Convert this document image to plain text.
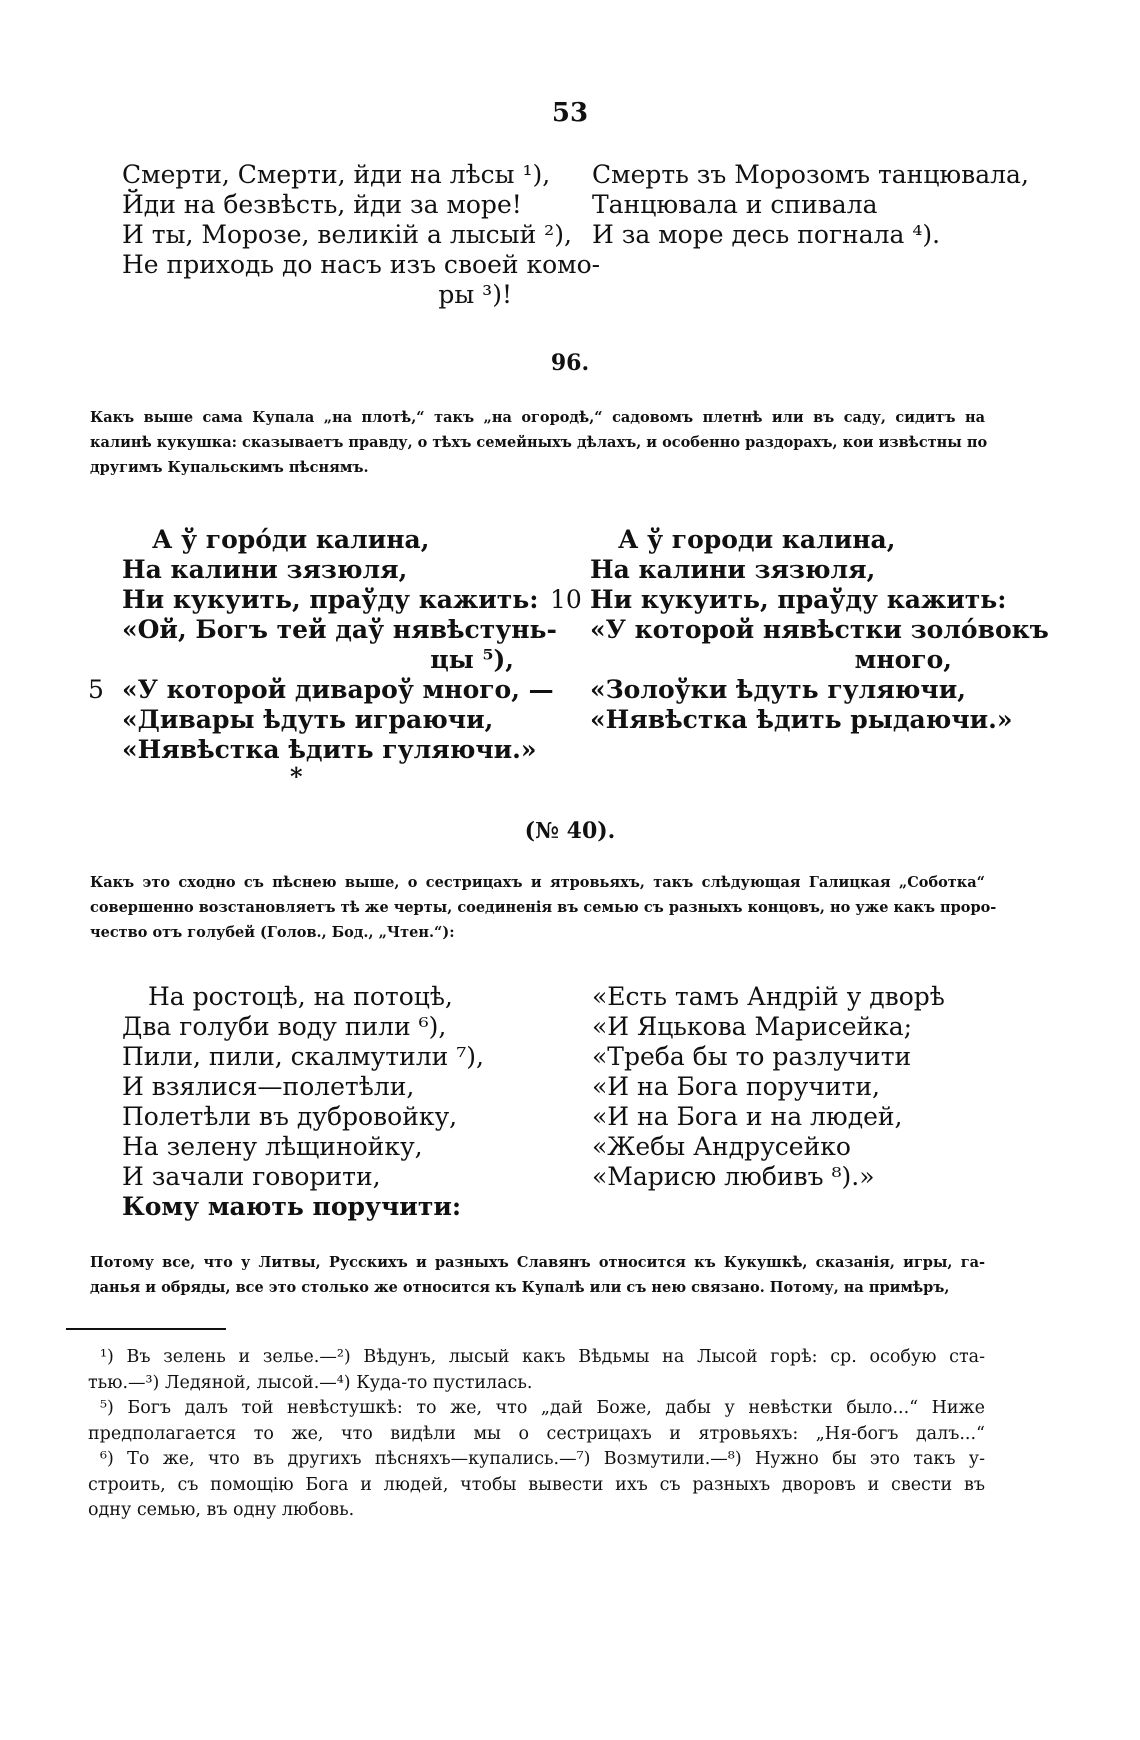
53
Смерти, Смерти, йди на лѣсы ¹),
Йди на безвѣсть, йди за море!
И ты, Морозе, великiй а лысый ²),
Не приходь до насъ изъ своей комо-
ры ³)!
Смерть зъ Морозомъ танцювала,
Танцювала и спивала
И за море десь погнала ⁴).
96.
Какъ выше сама Купала „на плотѣ,“ такъ „на огородѣ,“ садовомъ плетнѣ или въ саду, сидитъ на
калинѣ кукушка: сказываетъ правду, о тѣхъ семейныхъ дѣлахъ, и особенно раздорахъ, кои извѣстны по
другимъ Купальскимъ пѣснямъ.
А ў горо́ди калина,
На калини зязюля,
Ни кукуить, праўду кажить:
«Ой, Богъ тей даў нявѣстунь-
цы ⁵),
«У которой дивароў много, —
«Дивары ѣдуть играючи,
«Нявѣстка ѣдить гуляючи.»
5
А ў городи калина,
На калини зязюля,
Ни кукуить, праўду кажить:
«У которой нявѣстки золо́вокъ
много,
«Золоўки ѣдуть гуляючи,
«Нявѣстка ѣдить рыдаючи.»
10
*
(№ 40).
Какъ это сходно съ пѣснею выше, о сестрицахъ и ятровьяхъ, такъ слѣдующая Галицкая „Соботка“
совершенно возстановляетъ тѣ же черты, соединенiя въ семью съ разныхъ концовъ, но уже какъ проро-
чество отъ голубей (Голов., Бод., „Чтен.“):
На ростоцѣ, на потоцѣ,
Два голуби воду пили ⁶),
Пили, пили, скалмутили ⁷),
И взялися—полетѣли,
Полетѣли въ дубровойку,
На зелену лѣщинойку,
И зачали говорити,
Кому мають поручити:
«Есть тамъ Андрiй у дворѣ
«И Яцькова Марисейка;
«Треба бы то разлучити
«И на Бога поручити,
«И на Бога и на людей,
«Жебы Андрусейко
«Марисю любивъ ⁸).»
Потому все, что у Литвы, Русскихъ и разныхъ Славянъ относится къ Кукушкѣ, сказанiя, игры, га-
данья и обряды, все это столько же относится къ Купалѣ или съ нею связано. Потому, на примѣръ,
¹) Въ зелень и зелье.—²) Вѣдунъ, лысый какъ Вѣдьмы на Лысой горѣ: ср. особую ста-
тью.—³) Ледяной, лысой.—⁴) Куда-то пустилась.
⁵) Богъ далъ той невѣстушкѣ: то же, что „дай Боже, дабы у невѣстки было...“ Ниже
предполагается то же, что видѣли мы о сестрицахъ и ятровьяхъ: „Ня-богъ далъ...“
⁶) То же, что въ другихъ пѣсняхъ—купались.—⁷) Возмутили.—⁸) Нужно бы это такъ у-
строить, съ помощiю Бога и людей, чтобы вывести ихъ съ разныхъ дворовъ и свести въ
одну семью, въ одну любовь.
